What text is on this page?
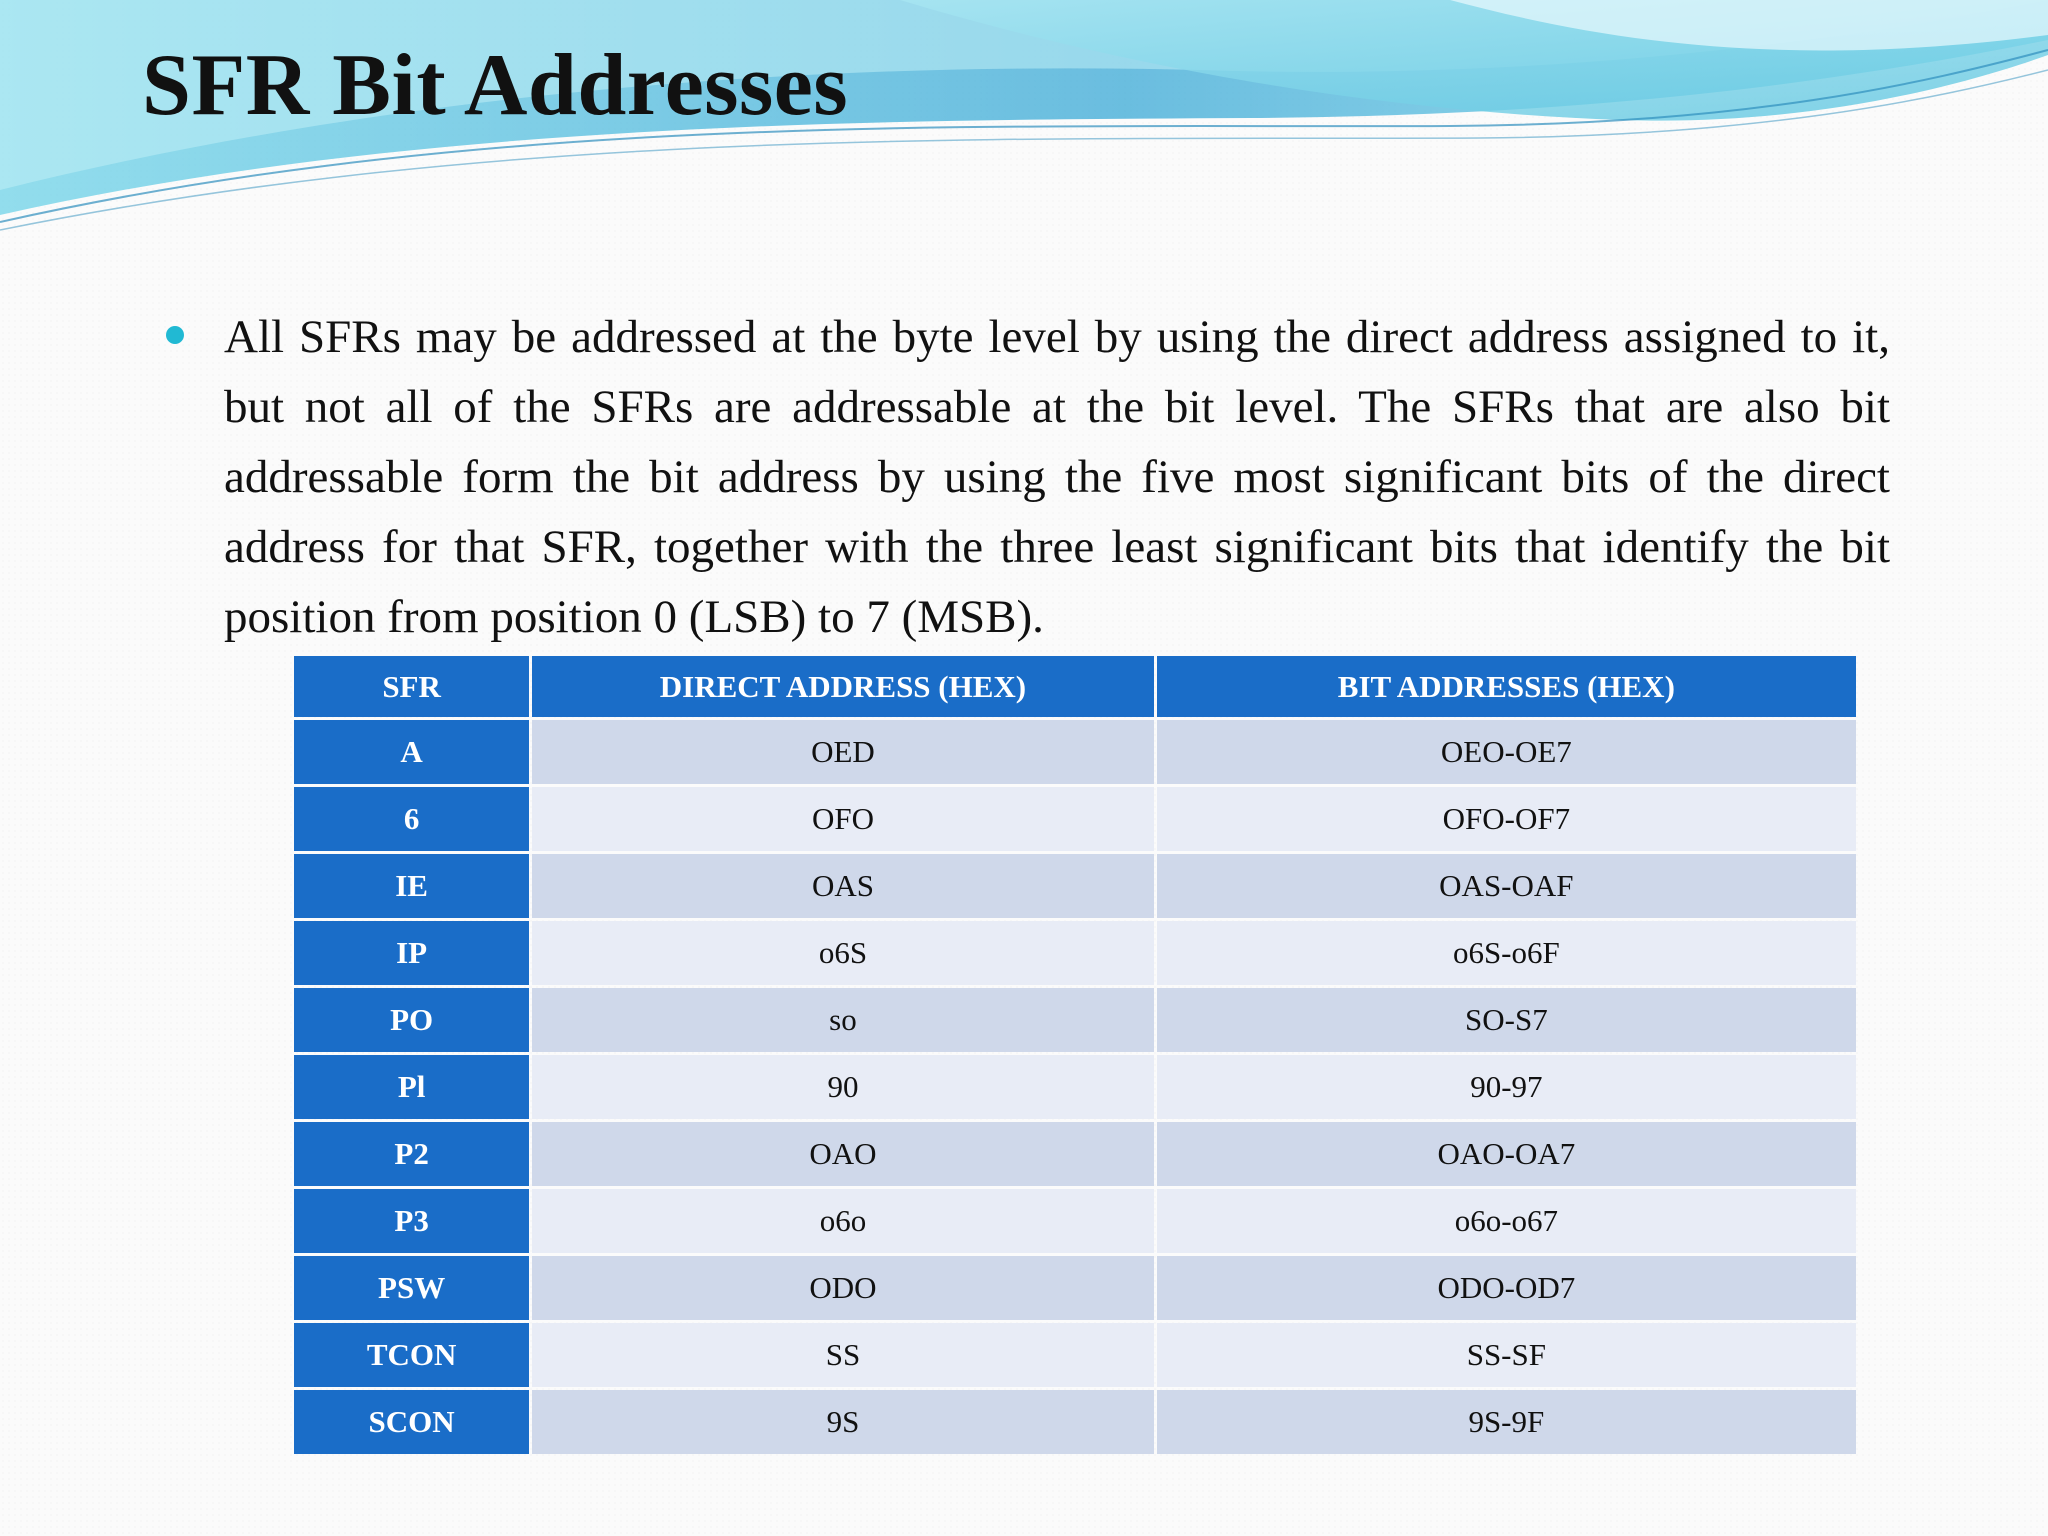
SFR Bit Addresses
All SFRs may be addressed at the byte level by using the direct address assigned to it, but not all of the SFRs are addressable at the bit level. The SFRs that are also bit addressable form the bit address by using the five most significant bits of the direct address for that SFR, together with the three least significant bits that identify the bit position from position 0 (LSB) to 7 (MSB).
SFR	DIRECT ADDRESS (HEX)	BIT ADDRESSES (HEX)
A	OED	OEO-OE7
6	OFO	OFO-OF7
IE	OAS	OAS-OAF
IP	o6S	o6S-o6F
PO	so	SO-S7
Pl	90	90-97
P2	OAO	OAO-OA7
P3	o6o	o6o-o67
PSW	ODO	ODO-OD7
TCON	SS	SS-SF
SCON	9S	9S-9F
